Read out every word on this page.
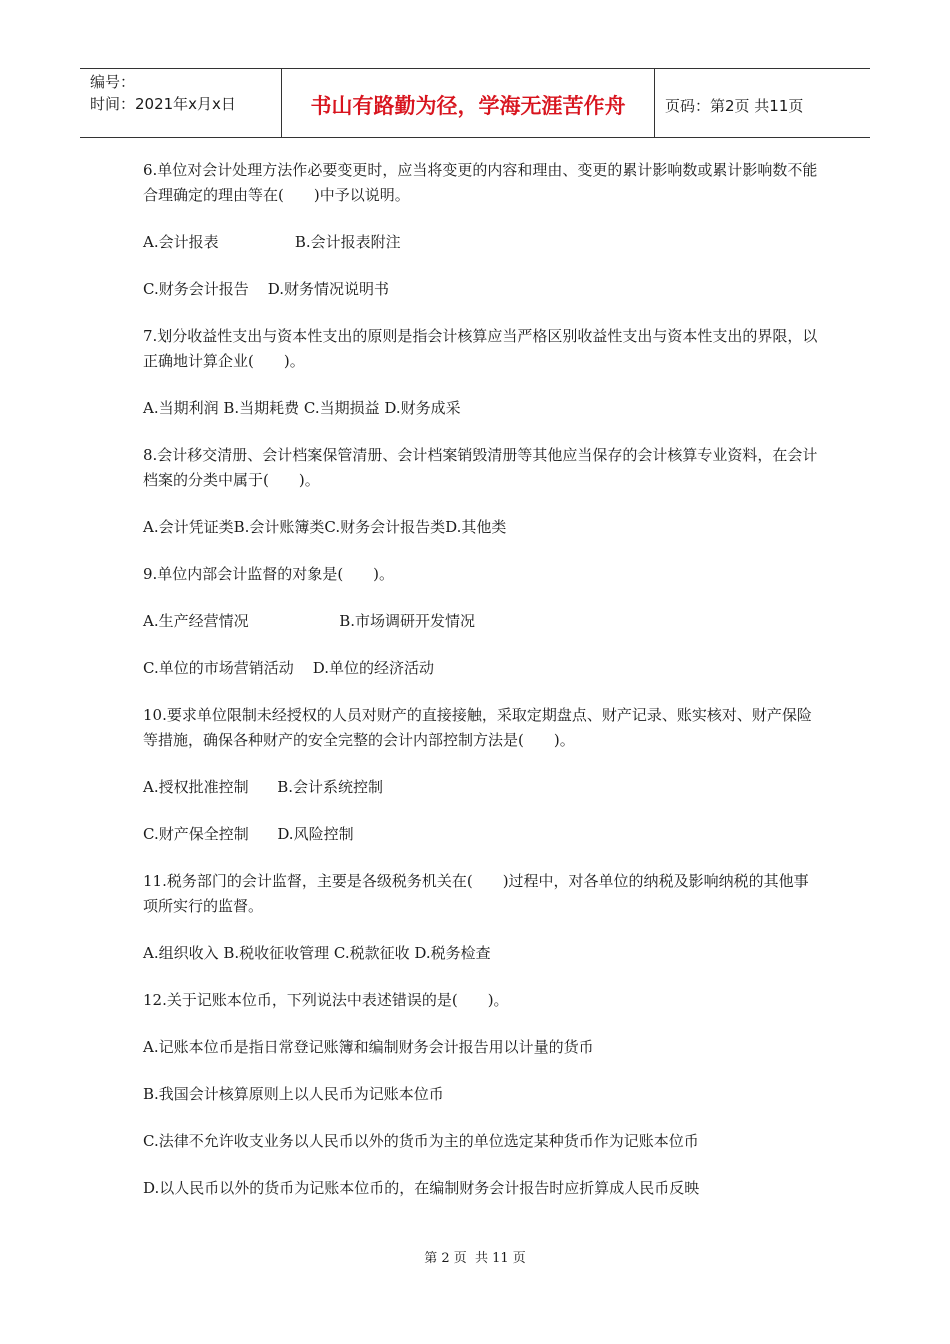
编号：
时间：2021年x月x日	书山有路勤为径，学海无涯苦作舟	页码：第2页 共11页
6.单位对会计处理方法作必要变更时，应当将变更的内容和理由、变更的累计影响数或累计影响数不能合理确定的理由等在(　　)中予以说明。
A.会计报表                B.会计报表附注
C.财务会计报告    D.财务情况说明书
7.划分收益性支出与资本性支出的原则是指会计核算应当严格区别收益性支出与资本性支出的界限，以正确地计算企业(　　)。
A.当期利润 B.当期耗费 C.当期损益 D.财务成采
8.会计移交清册、会计档案保管清册、会计档案销毁清册等其他应当保存的会计核算专业资料，在会计档案的分类中属于(　　)。
A.会计凭证类B.会计账簿类C.财务会计报告类D.其他类
9.单位内部会计监督的对象是(　　)。
A.生产经营情况                   B.市场调研开发情况
C.单位的市场营销活动    D.单位的经济活动
10.要求单位限制未经授权的人员对财产的直接接触，采取定期盘点、财产记录、账实核对、财产保险等措施，确保各种财产的安全完整的会计内部控制方法是(　　)。
A.授权批准控制      B.会计系统控制
C.财产保全控制      D.风险控制
11.税务部门的会计监督，主要是各级税务机关在(　　)过程中，对各单位的纳税及影响纳税的其他事项所实行的监督。
A.组织收入 B.税收征收管理 C.税款征收 D.税务检查
12.关于记账本位币，下列说法中表述错误的是(　　)。
A.记账本位币是指日常登记账簿和编制财务会计报告用以计量的货币
B.我国会计核算原则上以人民币为记账本位币
C.法律不允许收支业务以人民币以外的货币为主的单位选定某种货币作为记账本位币
D.以人民币以外的货币为记账本位币的，在编制财务会计报告时应折算成人民币反映
第 2 页  共 11 页
